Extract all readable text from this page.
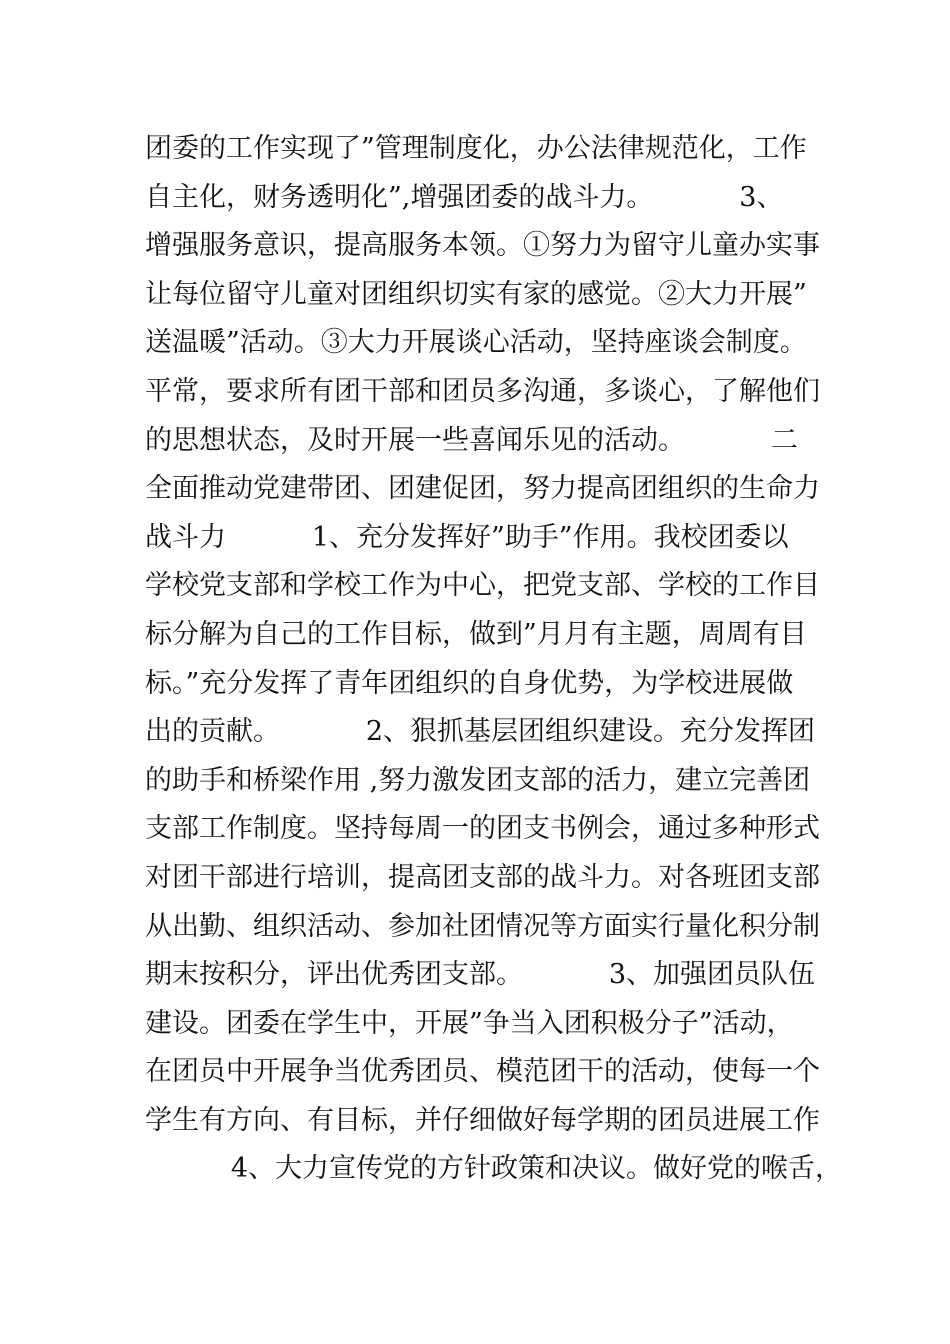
团委的工作实现了”管理制度化，办公法律规范化，工作
自主化，财务透明化”,增强团委的战斗力。          3、
增强服务意识，提高服务本领。①努力为留守儿童办实事
让每位留守儿童对团组织切实有家的感觉。②大力开展”
送温暖”活动。③大力开展谈心活动，坚持座谈会制度。
平常，要求所有团干部和团员多沟通，多谈心，了解他们
的思想状态，及时开展一些喜闻乐见的活动。          二
全面推动党建带团、团建促团，努力提高团组织的生命力
战斗力          1、充分发挥好”助手”作用。我校团委以
学校党支部和学校工作为中心，把党支部、学校的工作目
标分解为自己的工作目标，做到”月月有主题，周周有目
标。”充分发挥了青年团组织的自身优势，为学校进展做
出的贡献。          2、狠抓基层团组织建设。充分发挥团
的助手和桥梁作用 ,努力激发团支部的活力，建立完善团
支部工作制度。坚持每周一的团支书例会，通过多种形式
对团干部进行培训，提高团支部的战斗力。对各班团支部
从出勤、组织活动、参加社团情况等方面实行量化积分制
期末按积分，评出优秀团支部。          3、加强团员队伍
建设。团委在学生中，开展”争当入团积极分子”活动，
在团员中开展争当优秀团员、模范团干的活动，使每一个
学生有方向、有目标，并仔细做好每学期的团员进展工作
4、大力宣传党的方针政策和决议。做好党的喉舌，
